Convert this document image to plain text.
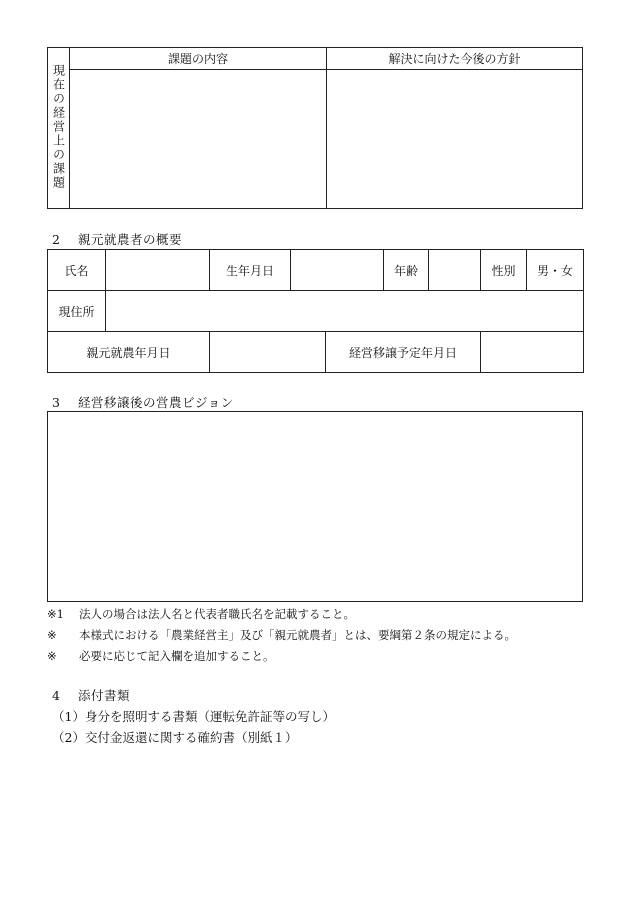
現在の経営上の課題	課題の内容	解決に向けた今後の方針

2 親元就農者の概要
氏名		生年月日			年齢		性別	男・女
現住所								
親元就農年月日				経営移譲予定年月日				
3 経営移譲後の営農ビジョン
※1 法人の場合は法人名と代表者職氏名を記載すること。
※ 本様式における「農業経営主」及び「親元就農者」とは、要綱第２条の規定による。
※ 必要に応じて記入欄を追加すること。
4 添付書類
（1）身分を照明する書類（運転免許証等の写し）
（2）交付金返還に関する確約書（別紙１）
